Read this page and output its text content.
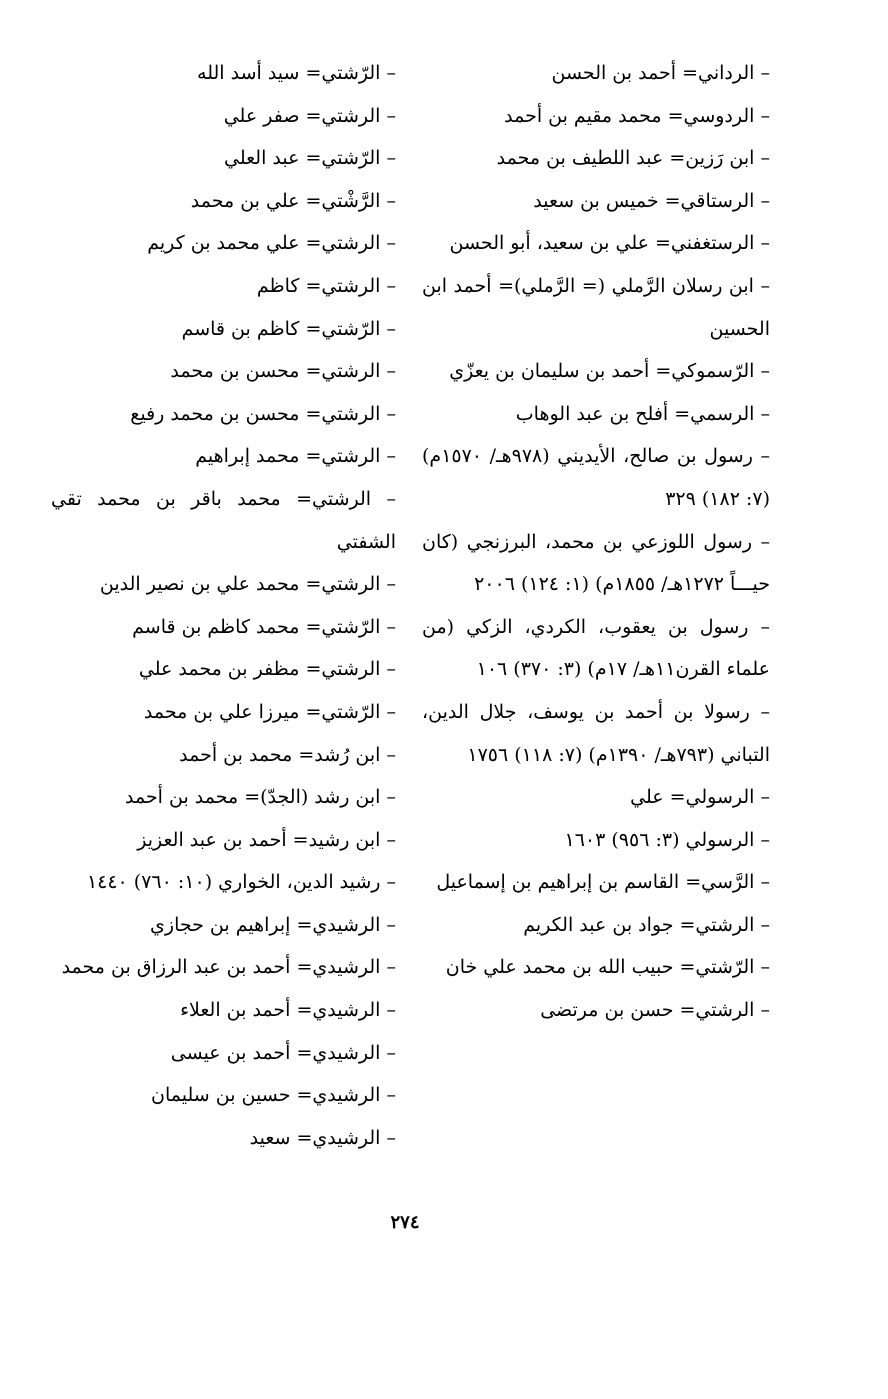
– الرداني= أحمد بن الحسن

– الردوسي= محمد مقيم بن أحمد

– ابن رَزين= عبد اللطيف بن محمد

– الرستاقي= خميس بن سعيد

– الرستغفني= علي بن سعيد، أبو الحسن

– ابن رسلان الرَّملي (= الرَّملي)= أحمد ابن الحسين

– الرّسموكي= أحمد بن سليمان بن يعزّي

– الرسمي= أفلح بن عبد الوهاب

– رسول بن صالح، الأيديني (٩٧٨هـ/ ١٥٧٠م) (٧: ١٨٢) ٣٢٩

– رسول اللوزعي بن محمد، البرزنجي (كان حيـــاً ١٢٧٢هـ/ ١٨٥٥م) (١: ١٢٤) ٢٠٠٦

– رسول بن يعقوب، الكردي، الزكي (من علماء القرن١١هـ/ ١٧م) (٣: ٣٧٠) ١٠٦

– رسولا بن أحمد بن يوسف، جلال الدين، التباني (٧٩٣هـ/ ١٣٩٠م) (٧: ١١٨) ١٧٥٦

– الرسولي= علي

– الرسولي (٣: ٩٥٦) ١٦٠٣

– الرَّسي= القاسم بن إبراهيم بن إسماعيل

– الرشتي= جواد بن عبد الكريم

– الرّشتي= حبيب الله بن محمد علي خان

– الرشتي= حسن بن مرتضى

– الرّشتي= سيد أسد الله

– الرشتي= صفر علي

– الرّشتي= عبد العلي

– الرَّشْتي= علي بن محمد

– الرشتي= علي محمد بن كريم

– الرشتي= كاظم

– الرّشتي= كاظم بن قاسم

– الرشتي= محسن بن محمد

– الرشتي= محسن بن محمد رفيع

– الرشتي= محمد إبراهيم

– الرشتي= محمد باقر بن محمد تقي الشفتي

– الرشتي= محمد علي بن نصير الدين

– الرّشتي= محمد كاظم بن قاسم

– الرشتي= مظفر بن محمد علي

– الرّشتي= ميرزا علي بن محمد

– ابن رُشد= محمد بن أحمد

– ابن رشد (الجدّ)= محمد بن أحمد

– ابن رشيد= أحمد بن عبد العزيز

– رشيد الدين، الخواري (١٠: ٧٦٠) ١٤٤٠

– الرشيدي= إبراهيم بن حجازي

– الرشيدي= أحمد بن عبد الرزاق بن محمد

– الرشيدي= أحمد بن العلاء

– الرشيدي= أحمد بن عيسى

– الرشيدي= حسين بن سليمان

– الرشيدي= سعيد

٢٧٤
